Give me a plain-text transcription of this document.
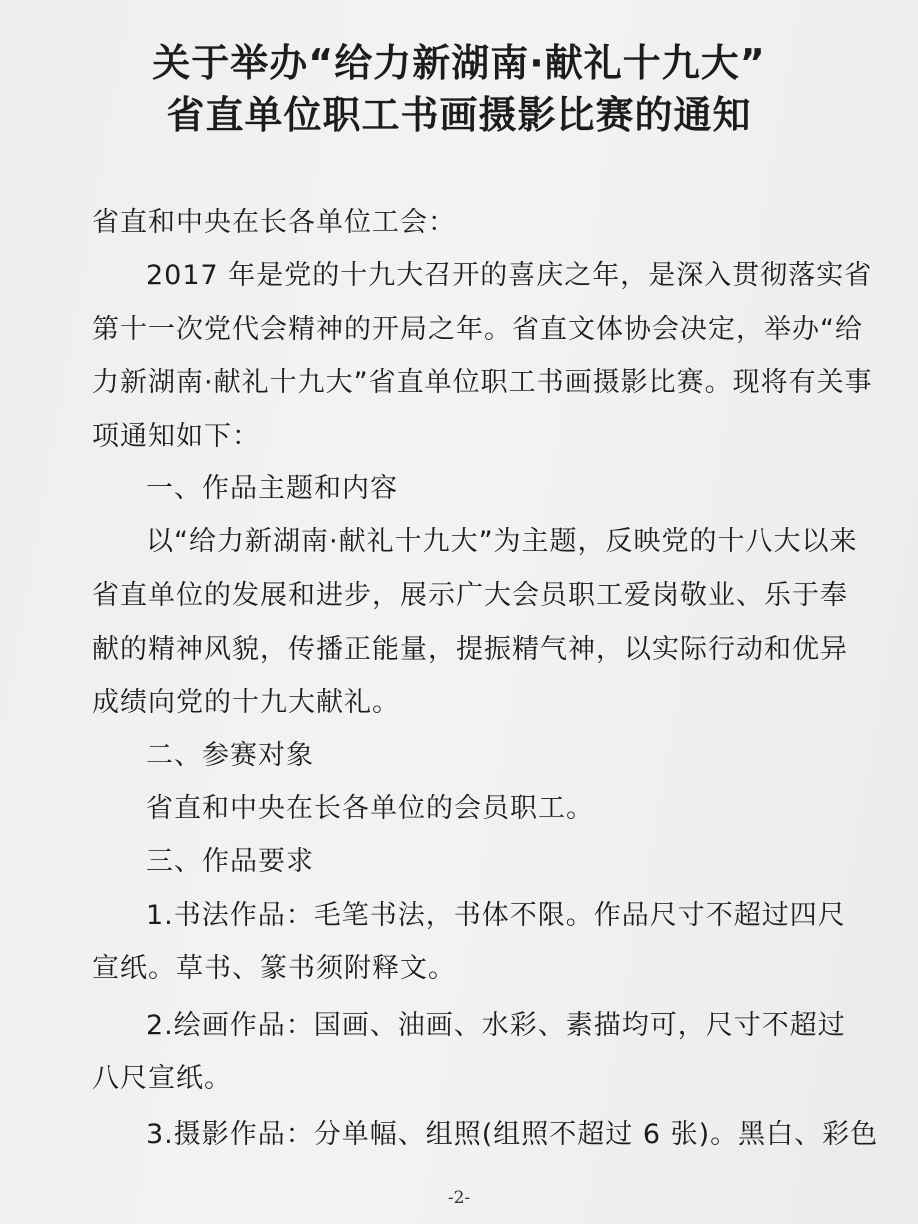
关于举办“给力新湖南·献礼十九大”
省直单位职工书画摄影比赛的通知

省直和中央在长各单位工会：

2017 年是党的十九大召开的喜庆之年，是深入贯彻落实省

第十一次党代会精神的开局之年。省直文体协会决定，举办“给

力新湖南·献礼十九大”省直单位职工书画摄影比赛。现将有关事

项通知如下：

一、作品主题和内容

以“给力新湖南·献礼十九大”为主题，反映党的十八大以来

省直单位的发展和进步，展示广大会员职工爱岗敬业、乐于奉

献的精神风貌，传播正能量，提振精气神，以实际行动和优异

成绩向党的十九大献礼。

二、参赛对象

省直和中央在长各单位的会员职工。

三、作品要求

1.书法作品：毛笔书法，书体不限。作品尺寸不超过四尺

宣纸。草书、篆书须附释文。

2.绘画作品：国画、油画、水彩、素描均可，尺寸不超过

八尺宣纸。

3.摄影作品：分单幅、组照(组照不超过 6 张)。黑白、彩色

-2-
